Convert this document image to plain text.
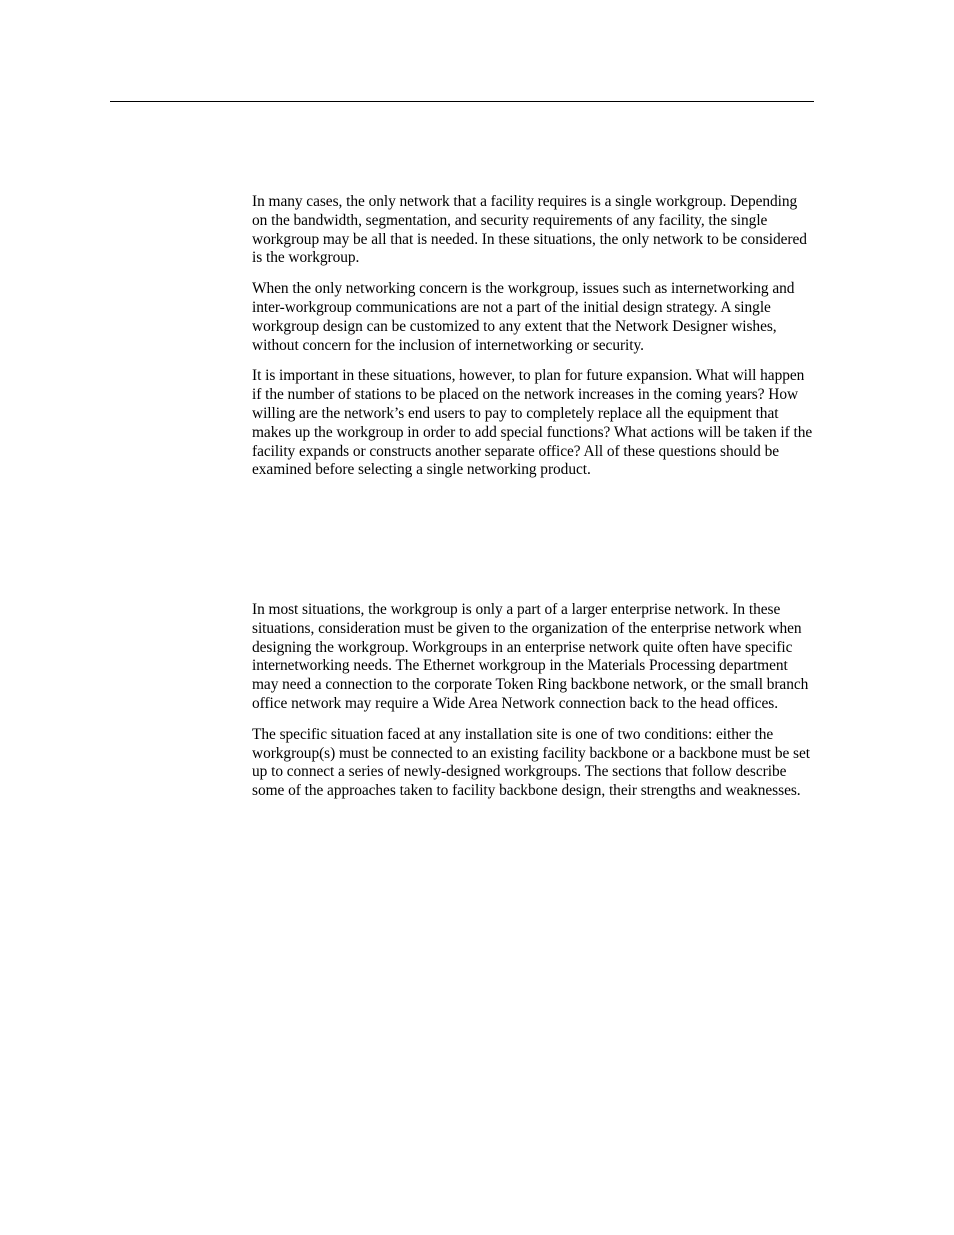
In many cases, the only network that a facility requires is a single workgroup. Depending on the bandwidth, segmentation, and security requirements of any facility, the single workgroup may be all that is needed. In these situations, the only network to be considered is the workgroup.

When the only networking concern is the workgroup, issues such as internetworking and inter-workgroup communications are not a part of the initial design strategy. A single workgroup design can be customized to any extent that the Network Designer wishes, without concern for the inclusion of internetworking or security.

It is important in these situations, however, to plan for future expansion. What will happen if the number of stations to be placed on the network increases in the coming years? How willing are the network’s end users to pay to completely replace all the equipment that makes up the workgroup in order to add special functions? What actions will be taken if the facility expands or constructs another separate office? All of these questions should be examined before selecting a single networking product.

In most situations, the workgroup is only a part of a larger enterprise network. In these situations, consideration must be given to the organization of the enterprise network when designing the workgroup. Workgroups in an enterprise network quite often have specific internetworking needs. The Ethernet workgroup in the Materials Processing department may need a connection to the corporate Token Ring backbone network, or the small branch office network may require a Wide Area Network connection back to the head offices.

The specific situation faced at any installation site is one of two conditions: either the workgroup(s) must be connected to an existing facility backbone or a backbone must be set up to connect a series of newly-designed workgroups. The sections that follow describe some of the approaches taken to facility backbone design, their strengths and weaknesses.
